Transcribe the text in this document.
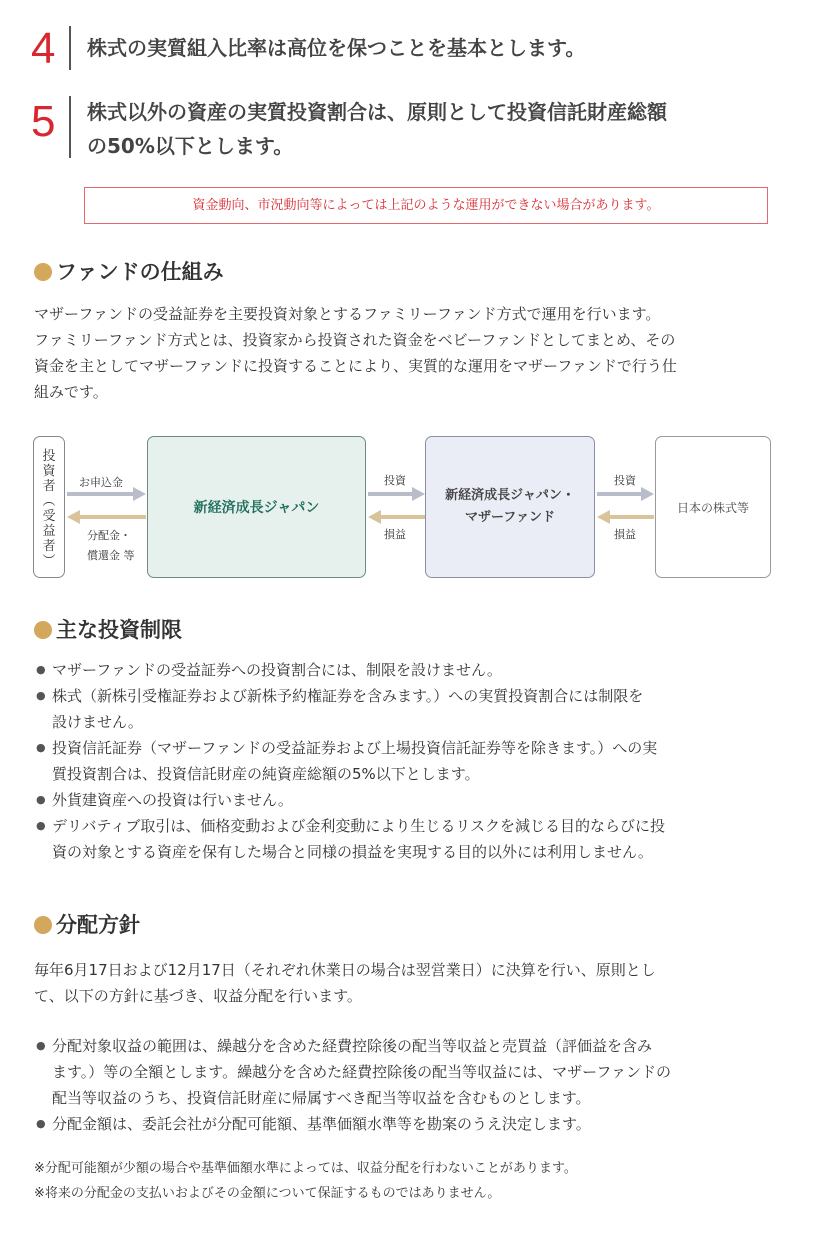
4 株式の実質組入比率は高位を保つことを基本とします。
5 株式以外の資産の実質投資割合は、原則として投資信託財産総額
の50%以下とします。
資金動向、市況動向等によっては上記のような運用ができない場合があります。
ファンドの仕組み
マザーファンドの受益証券を主要投資対象とするファミリーファンド方式で運用を行います。
ファミリーファンド方式とは、投資家から投資された資金をベビーファンドとしてまとめ、その
資金を主としてマザーファンドに投資することにより、実質的な運用をマザーファンドで行う仕
組みです。
投
資
者
︵
受
益
者
︶
お申込金
分配金・
償還金 等
新経済成長ジャパン
投資
損益
新経済成長ジャパン・
マザーファンド
投資
損益
日本の株式等
主な投資制限
● マザーファンドの受益証券への投資割合には、制限を設けません。
● 株式（新株引受権証券および新株予約権証券を含みます。）への実質投資割合には制限を
設けません。
● 投資信託証券（マザーファンドの受益証券および上場投資信託証券等を除きます。）への実
質投資割合は、投資信託財産の純資産総額の5%以下とします。
● 外貨建資産への投資は行いません。
● デリバティブ取引は、価格変動および金利変動により生じるリスクを減じる目的ならびに投
資の対象とする資産を保有した場合と同様の損益を実現する目的以外には利用しません。
分配方針
毎年6月17日および12月17日（それぞれ休業日の場合は翌営業日）に決算を行い、原則とし
て、以下の方針に基づき、収益分配を行います。
● 分配対象収益の範囲は、繰越分を含めた経費控除後の配当等収益と売買益（評価益を含み
ます。）等の全額とします。繰越分を含めた経費控除後の配当等収益には、マザーファンドの
配当等収益のうち、投資信託財産に帰属すべき配当等収益を含むものとします。
● 分配金額は、委託会社が分配可能額、基準価額水準等を勘案のうえ決定します。
※分配可能額が少額の場合や基準価額水準によっては、収益分配を行わないことがあります。
※将来の分配金の支払いおよびその金額について保証するものではありません。
